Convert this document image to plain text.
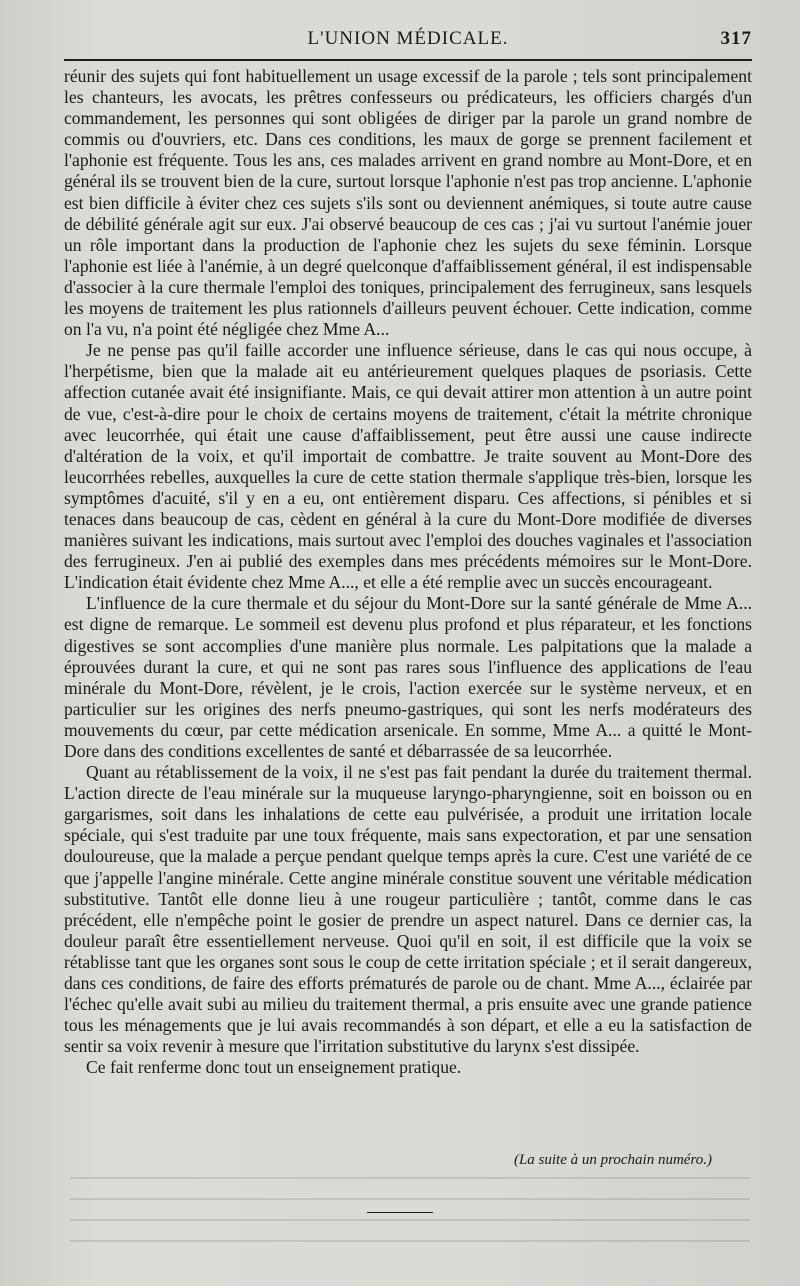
L'UNION MÉDICALE.	317

réunir des sujets qui font habituellement un usage excessif de la parole ; tels sont principalement les chanteurs, les avocats, les prêtres confesseurs ou prédicateurs, les officiers chargés d'un commandement, les personnes qui sont obligées de diriger par la parole un grand nombre de commis ou d'ouvriers, etc. Dans ces conditions, les maux de gorge se prennent facilement et l'aphonie est fréquente. Tous les ans, ces malades arrivent en grand nombre au Mont-Dore, et en général ils se trouvent bien de la cure, surtout lorsque l'aphonie n'est pas trop ancienne. L'aphonie est bien difficile à éviter chez ces sujets s'ils sont ou deviennent anémiques, si toute autre cause de débilité générale agit sur eux. J'ai observé beaucoup de ces cas ; j'ai vu surtout l'anémie jouer un rôle important dans la production de l'aphonie chez les sujets du sexe féminin. Lorsque l'aphonie est liée à l'anémie, à un degré quelconque d'affaiblissement général, il est indispensable d'associer à la cure thermale l'emploi des toniques, principalement des ferrugineux, sans lesquels les moyens de traitement les plus rationnels d'ailleurs peuvent échouer. Cette indication, comme on l'a vu, n'a point été négligée chez Mme A...

Je ne pense pas qu'il faille accorder une influence sérieuse, dans le cas qui nous occupe, à l'herpétisme, bien que la malade ait eu antérieurement quelques plaques de psoriasis. Cette affection cutanée avait été insignifiante. Mais, ce qui devait attirer mon attention à un autre point de vue, c'est-à-dire pour le choix de certains moyens de traitement, c'était la métrite chronique avec leucorrhée, qui était une cause d'affaiblissement, peut être aussi une cause indirecte d'altération de la voix, et qu'il importait de combattre. Je traite souvent au Mont-Dore des leucorrhées rebelles, auxquelles la cure de cette station thermale s'applique très-bien, lorsque les symptômes d'acuité, s'il y en a eu, ont entièrement disparu. Ces affections, si pénibles et si tenaces dans beaucoup de cas, cèdent en général à la cure du Mont-Dore modifiée de diverses manières suivant les indications, mais surtout avec l'emploi des douches vaginales et l'association des ferrugineux. J'en ai publié des exemples dans mes précédents mémoires sur le Mont-Dore. L'indication était évidente chez Mme A..., et elle a été remplie avec un succès encourageant.

L'influence de la cure thermale et du séjour du Mont-Dore sur la santé générale de Mme A... est digne de remarque. Le sommeil est devenu plus profond et plus réparateur, et les fonctions digestives se sont accomplies d'une manière plus normale. Les palpitations que la malade a éprouvées durant la cure, et qui ne sont pas rares sous l'influence des applications de l'eau minérale du Mont-Dore, révèlent, je le crois, l'action exercée sur le système nerveux, et en particulier sur les origines des nerfs pneumo-gastriques, qui sont les nerfs modérateurs des mouvements du cœur, par cette médication arsenicale. En somme, Mme A... a quitté le Mont-Dore dans des conditions excellentes de santé et débarrassée de sa leucorrhée.

Quant au rétablissement de la voix, il ne s'est pas fait pendant la durée du traitement thermal. L'action directe de l'eau minérale sur la muqueuse laryngo-pharyngienne, soit en boisson ou en gargarismes, soit dans les inhalations de cette eau pulvérisée, a produit une irritation locale spéciale, qui s'est traduite par une toux fréquente, mais sans expectoration, et par une sensation douloureuse, que la malade a perçue pendant quelque temps après la cure. C'est une variété de ce que j'appelle l'angine minérale. Cette angine minérale constitue souvent une véritable médication substitutive. Tantôt elle donne lieu à une rougeur particulière ; tantôt, comme dans le cas précédent, elle n'empêche point le gosier de prendre un aspect naturel. Dans ce dernier cas, la douleur paraît être essentiellement nerveuse. Quoi qu'il en soit, il est difficile que la voix se rétablisse tant que les organes sont sous le coup de cette irritation spéciale ; et il serait dangereux, dans ces conditions, de faire des efforts prématurés de parole ou de chant. Mme A..., éclairée par l'échec qu'elle avait subi au milieu du traitement thermal, a pris ensuite avec une grande patience tous les ménagements que je lui avais recommandés à son départ, et elle a eu la satisfaction de sentir sa voix revenir à mesure que l'irritation substitutive du larynx s'est dissipée.

Ce fait renferme donc tout un enseignement pratique.

(La suite à un prochain numéro.)
